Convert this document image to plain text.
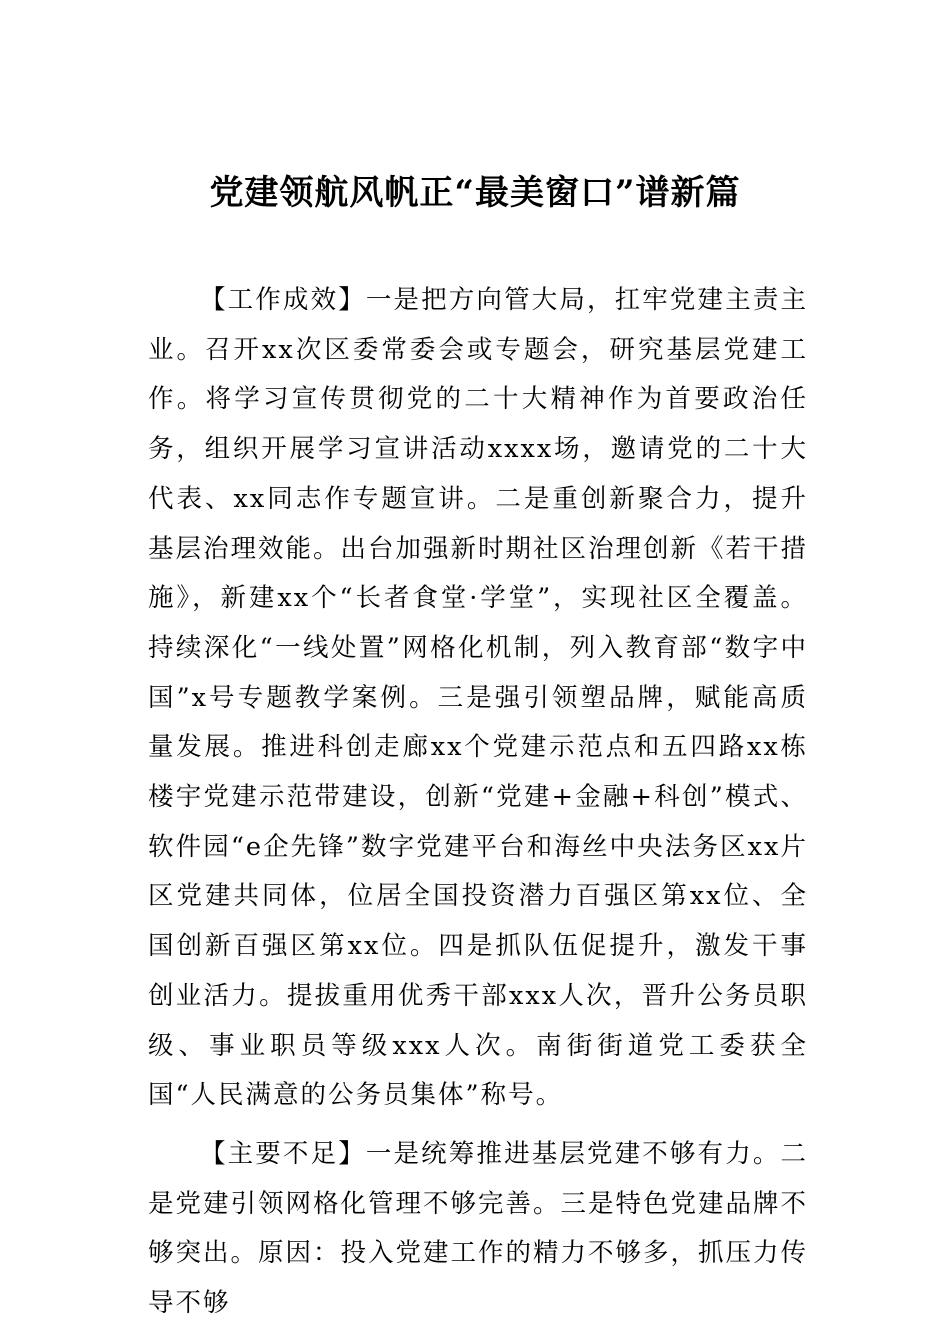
党建领航风帆正“最美窗口”谱新篇

【工作成效】一是把方向管大局，扛牢党建主责主业。召开xx次区委常委会或专题会，研究基层党建工作。将学习宣传贯彻党的二十大精神作为首要政治任务，组织开展学习宣讲活动xxxx场，邀请党的二十大代表、xx同志作专题宣讲。二是重创新聚合力，提升基层治理效能。出台加强新时期社区治理创新《若干措施》，新建xx个“长者食堂·学堂”，实现社区全覆盖。持续深化“一线处置”网格化机制，列入教育部“数字中国”x号专题教学案例。三是强引领塑品牌，赋能高质量发展。推进科创走廊xx个党建示范点和五四路xx栋楼宇党建示范带建设，创新“党建+金融+科创”模式、软件园“e企先锋”数字党建平台和海丝中央法务区xx片区党建共同体，位居全国投资潜力百强区第xx位、全国创新百强区第xx位。四是抓队伍促提升，激发干事创业活力。提拔重用优秀干部xxx人次，晋升公务员职级、事业职员等级xxx人次。南街街道党工委获全国“人民满意的公务员集体”称号。

【主要不足】一是统筹推进基层党建不够有力。二是党建引领网格化管理不够完善。三是特色党建品牌不够突出。原因：投入党建工作的精力不够多，抓压力传导不够
